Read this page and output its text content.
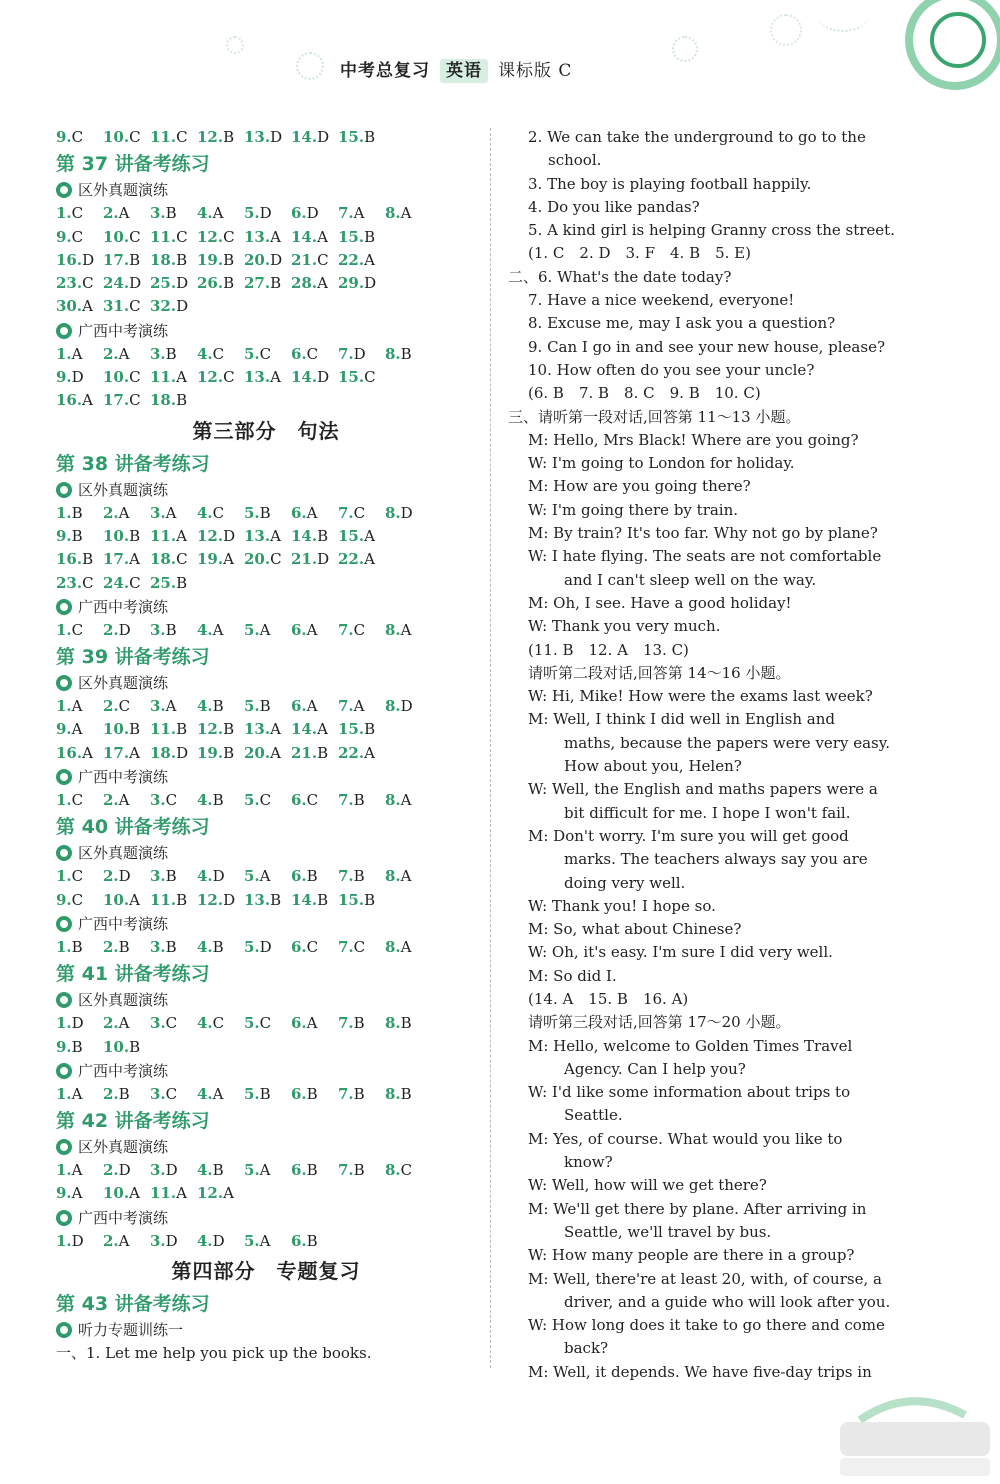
中考总复习 英语 课标版 C
9.C 10.C 11.C 12.B 13.D 14.D 15.B
第 37 讲备考练习
区外真题演练
1.C 2.A 3.B 4.A 5.D 6.D 7.A 8.A
9.C 10.C 11.C 12.C 13.A 14.A 15.B
16.D 17.B 18.B 19.B 20.D 21.C 22.A
23.C 24.D 25.D 26.B 27.B 28.A 29.D
30.A 31.C 32.D
广西中考演练
1.A 2.A 3.B 4.C 5.C 6.C 7.D 8.B
9.D 10.C 11.A 12.C 13.A 14.D 15.C
16.A 17.C 18.B
第三部分　句法
第 38 讲备考练习
区外真题演练
1.B 2.A 3.A 4.C 5.B 6.A 7.C 8.D
9.B 10.B 11.A 12.D 13.A 14.B 15.A
16.B 17.A 18.C 19.A 20.C 21.D 22.A
23.C 24.C 25.B
广西中考演练
1.C 2.D 3.B 4.A 5.A 6.A 7.C 8.A
第 39 讲备考练习
区外真题演练
1.A 2.C 3.A 4.B 5.B 6.A 7.A 8.D
9.A 10.B 11.B 12.B 13.A 14.A 15.B
16.A 17.A 18.D 19.B 20.A 21.B 22.A
广西中考演练
1.C 2.A 3.C 4.B 5.C 6.C 7.B 8.A
第 40 讲备考练习
区外真题演练
1.C 2.D 3.B 4.D 5.A 6.B 7.B 8.A
9.C 10.A 11.B 12.D 13.B 14.B 15.B
广西中考演练
1.B 2.B 3.B 4.B 5.D 6.C 7.C 8.A
第 41 讲备考练习
区外真题演练
1.D 2.A 3.C 4.C 5.C 6.A 7.B 8.B
9.B 10.B
广西中考演练
1.A 2.B 3.C 4.A 5.B 6.B 7.B 8.B
第 42 讲备考练习
区外真题演练
1.A 2.D 3.D 4.B 5.A 6.B 7.B 8.C
9.A 10.A 11.A 12.A
广西中考演练
1.D 2.A 3.D 4.D 5.A 6.B
第四部分　专题复习
第 43 讲备考练习
听力专题训练一
一、1. Let me help you pick up the books.
2. We can take the underground to go to the
school.
3. The boy is playing football happily.
4. Do you like pandas?
5. A kind girl is helping Granny cross the street.
(1. C　2. D　3. F　4. B　5. E)
二、6. What's the date today?
7. Have a nice weekend, everyone!
8. Excuse me, may I ask you a question?
9. Can I go in and see your new house, please?
10. How often do you see your uncle?
(6. B　7. B　8. C　9. B　10. C)
三、请听第一段对话,回答第 11～13 小题。
M: Hello, Mrs Black! Where are you going?
W: I'm going to London for holiday.
M: How are you going there?
W: I'm going there by train.
M: By train? It's too far. Why not go by plane?
W: I hate flying. The seats are not comfortable
and I can't sleep well on the way.
M: Oh, I see. Have a good holiday!
W: Thank you very much.
(11. B　12. A　13. C)
请听第二段对话,回答第 14～16 小题。
W: Hi, Mike! How were the exams last week?
M: Well, I think I did well in English and
maths, because the papers were very easy.
How about you, Helen?
W: Well, the English and maths papers were a
bit difficult for me. I hope I won't fail.
M: Don't worry. I'm sure you will get good
marks. The teachers always say you are
doing very well.
W: Thank you! I hope so.
M: So, what about Chinese?
W: Oh, it's easy. I'm sure I did very well.
M: So did I.
(14. A　15. B　16. A)
请听第三段对话,回答第 17～20 小题。
M: Hello, welcome to Golden Times Travel
Agency. Can I help you?
W: I'd like some information about trips to
Seattle.
M: Yes, of course. What would you like to
know?
W: Well, how will we get there?
M: We'll get there by plane. After arriving in
Seattle, we'll travel by bus.
W: How many people are there in a group?
M: Well, there're at least 20, with, of course, a
driver, and a guide who will look after you.
W: How long does it take to go there and come
back?
M: Well, it depends. We have five-day trips in
